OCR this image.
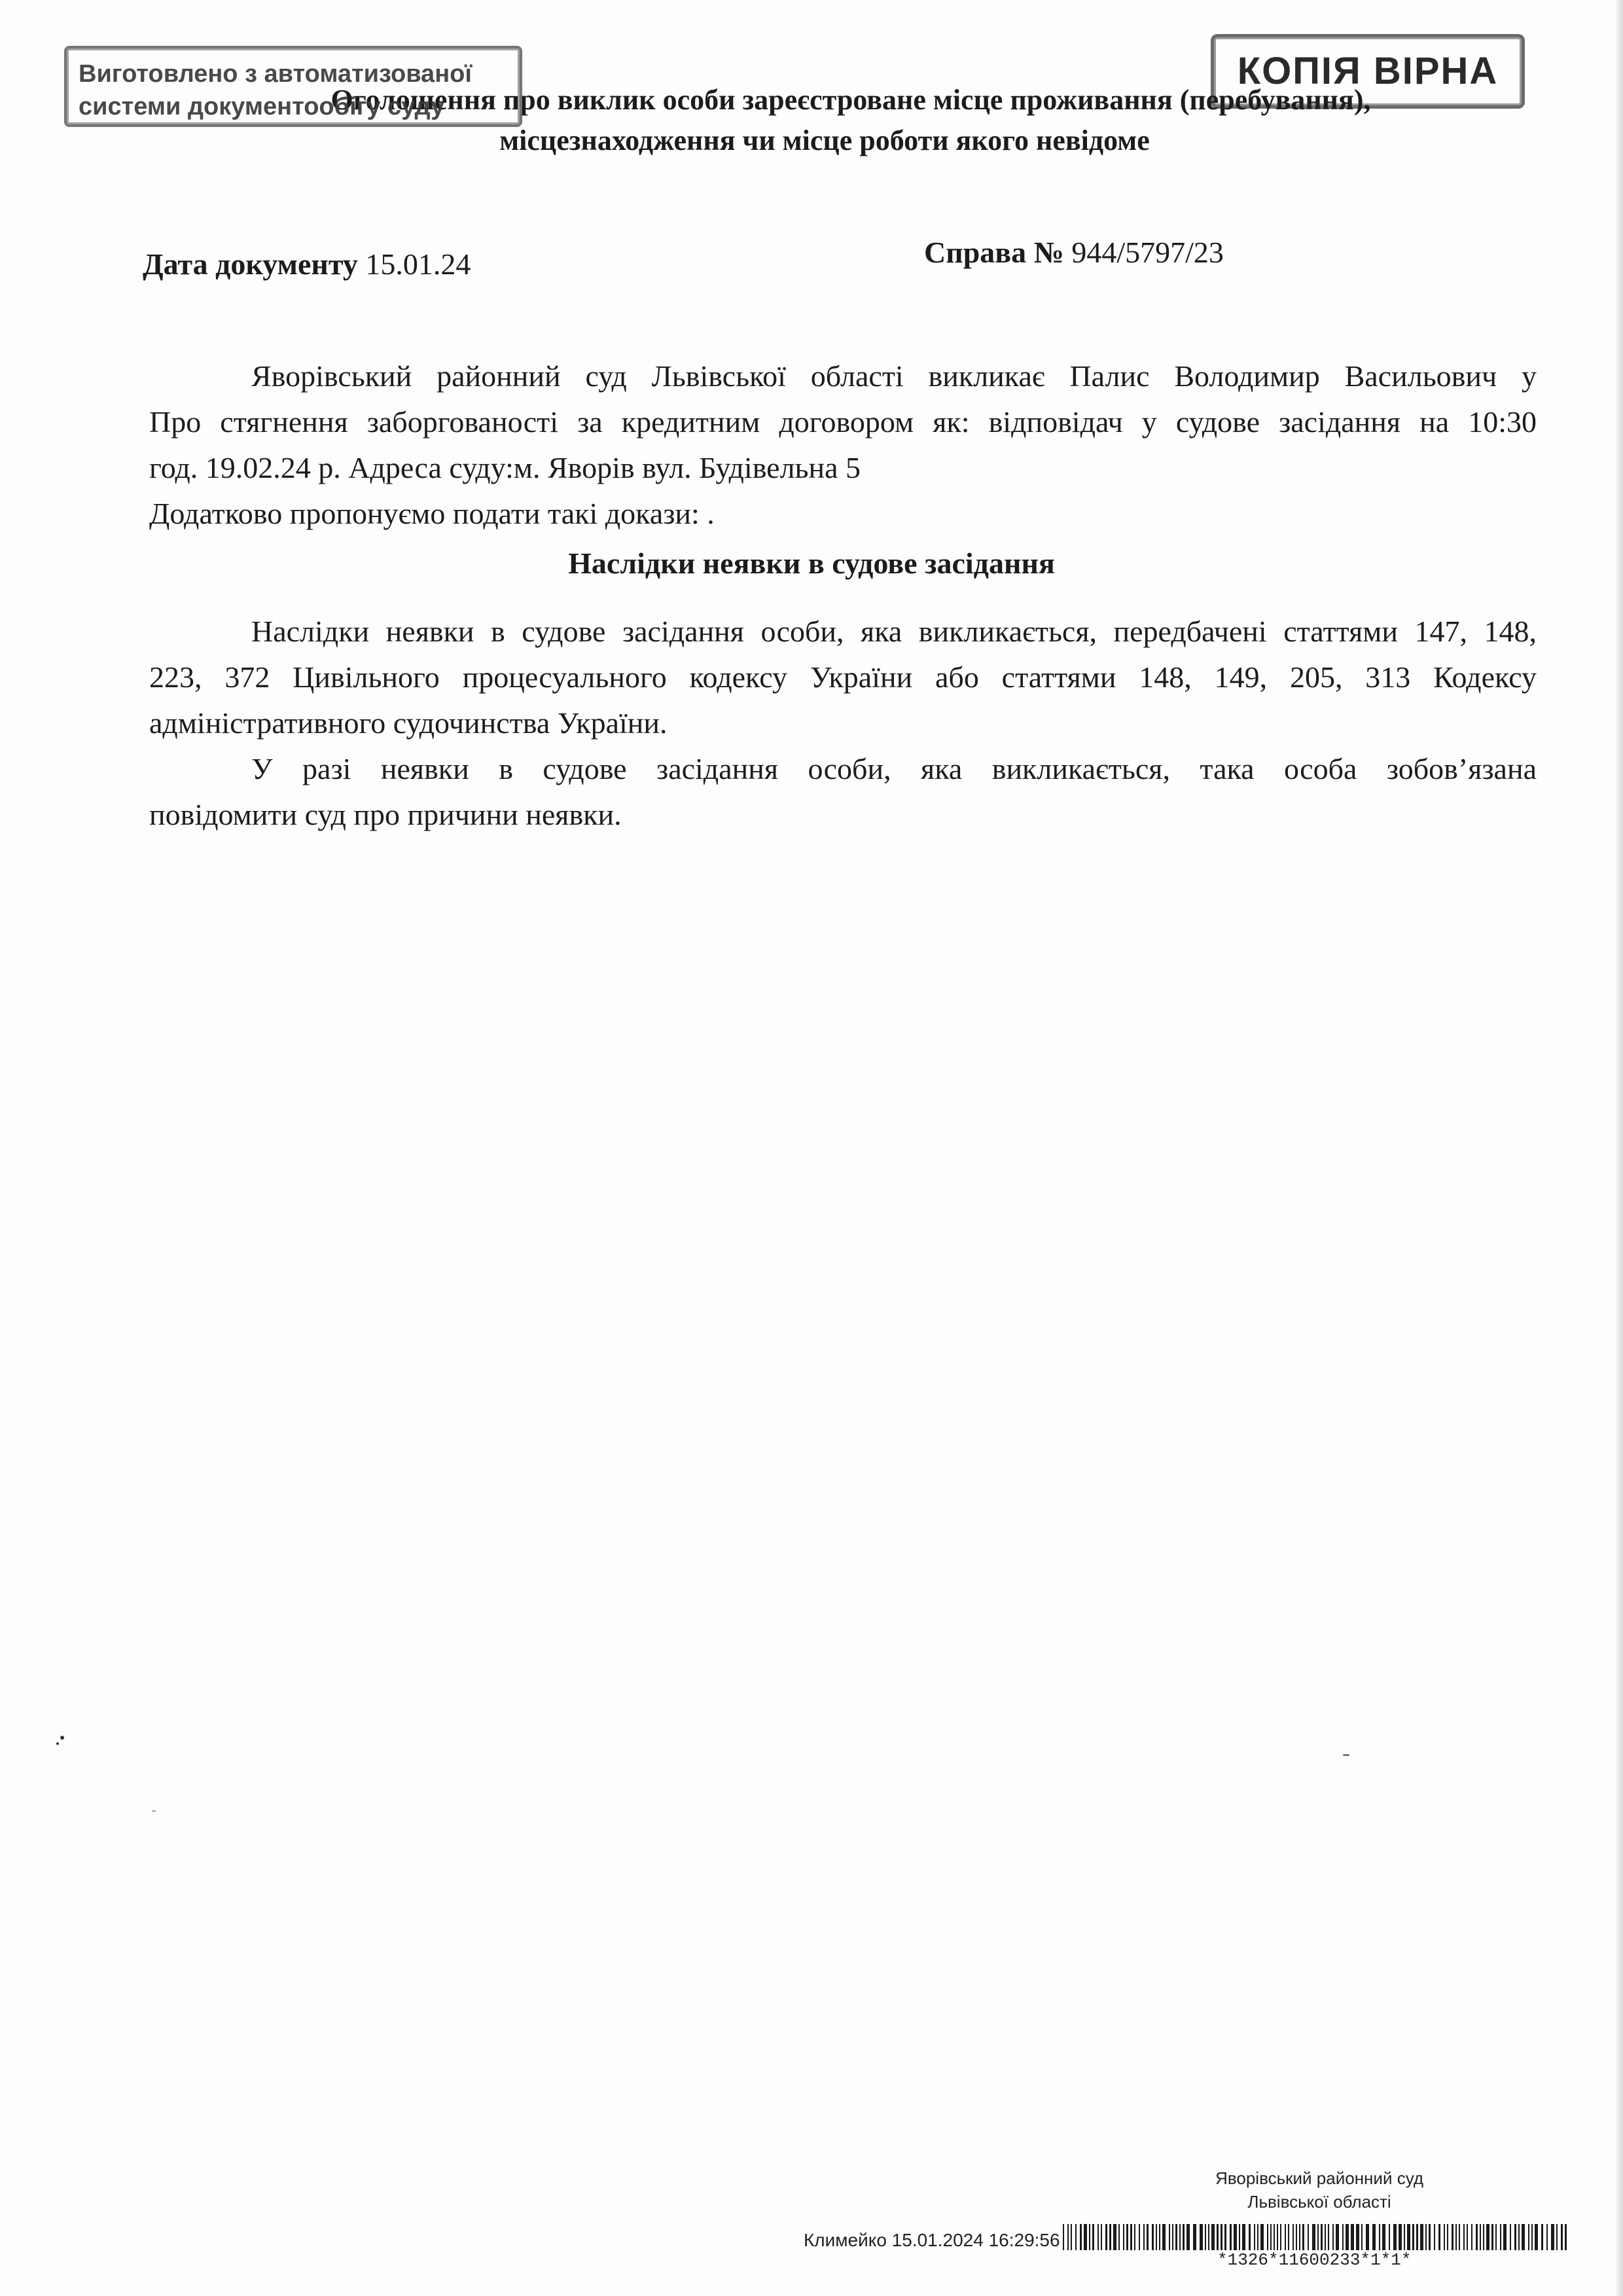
Виготовлено з автоматизованої
системи документообігу суду
КОПІЯ ВІРНА
Оголошення про виклик особи зареєстроване місце проживання (перебування),
місцезнаходження чи місце роботи якого невідоме
Дата документу 15.01.24	Справа № 944/5797/23
Яворівський районний суд Львівської області викликає Палис Володимир Васильович у
Про стягнення заборгованості за кредитним договором як: відповідач у судове засідання на 10:30
год. 19.02.24 р. Адреса суду:м. Яворів вул. Будівельна 5
Додатково пропонуємо подати такі докази: .
Наслідки неявки в судове засідання
Наслідки неявки в судове засідання особи, яка викликається, передбачені статтями 147, 148,
223, 372 Цивільного процесуального кодексу України або статтями 148, 149, 205, 313 Кодексу
адміністративного судочинства України.
У разі неявки в судове засідання особи, яка викликається, така особа зобов’язана
повідомити суд про причини неявки.
Яворівський районний суд
Львівської області
Климейко 15.01.2024 16:29:56
*1326*11600233*1*1*
